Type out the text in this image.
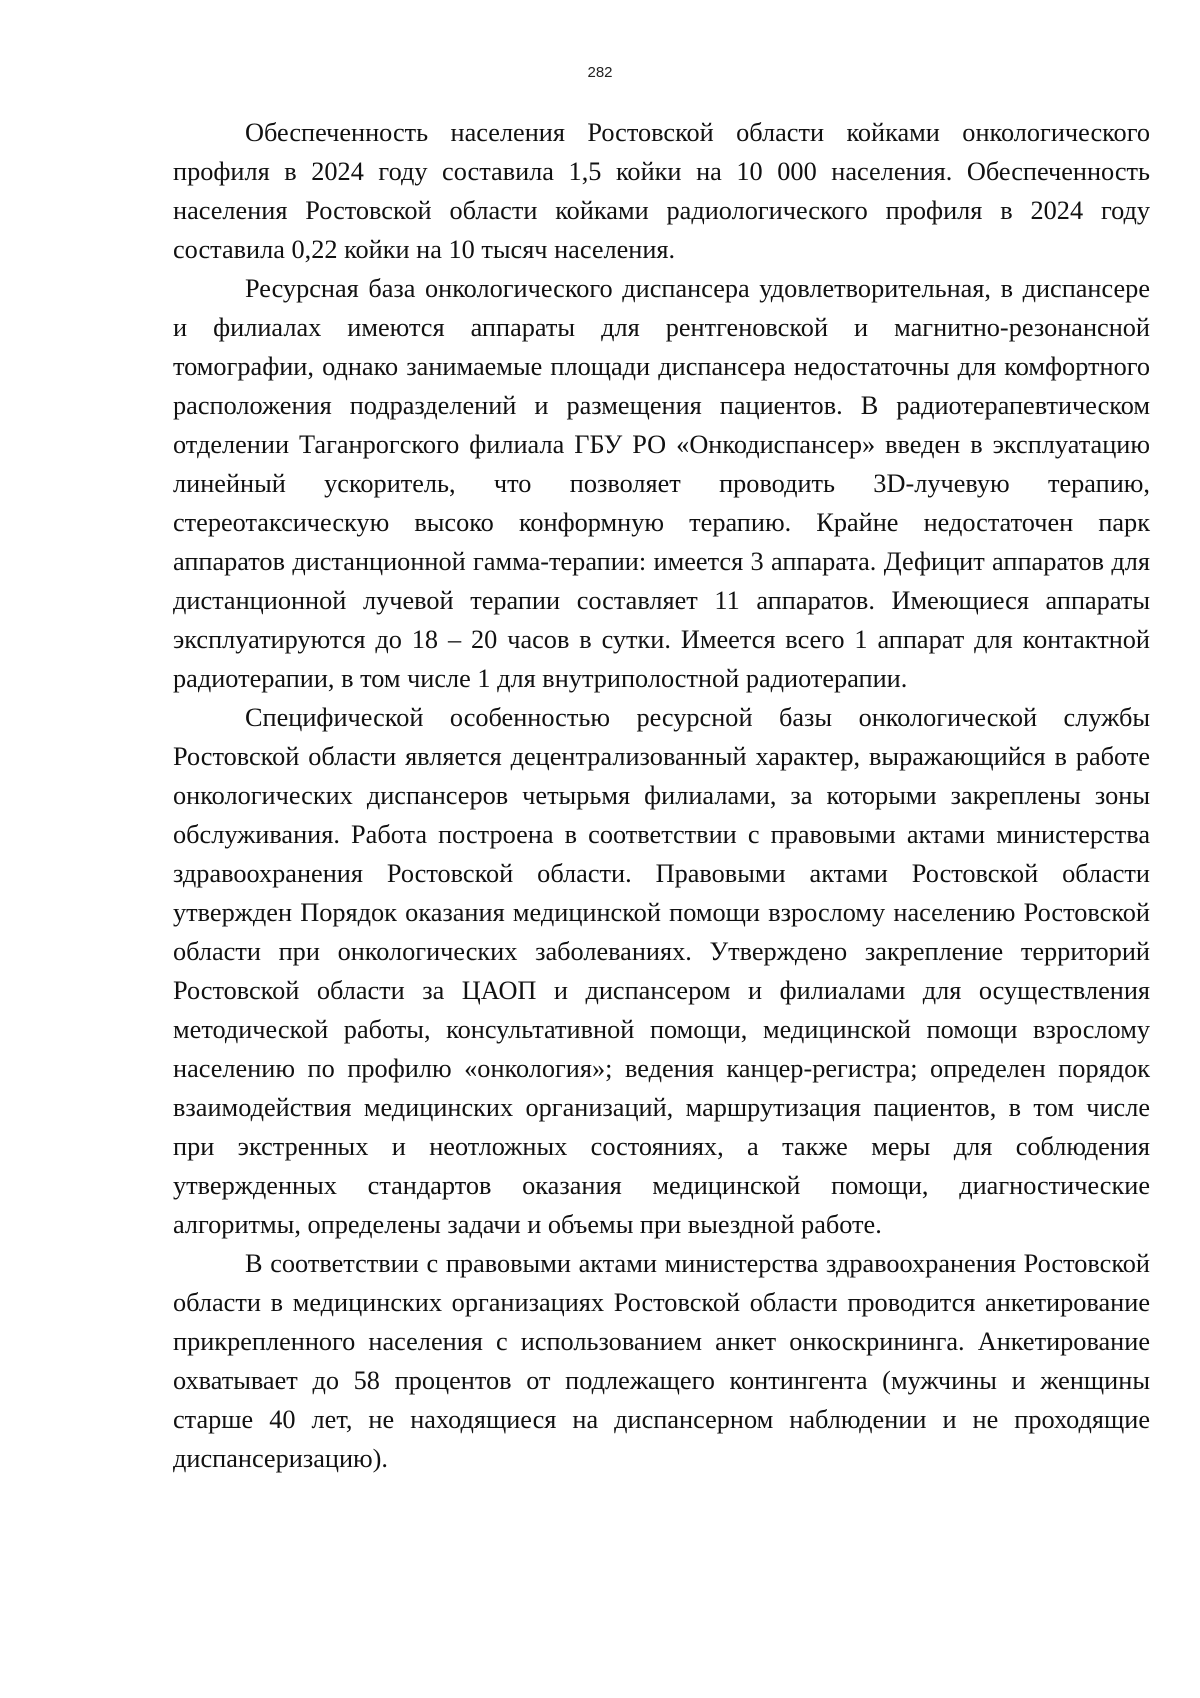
282

Обеспеченность населения Ростовской области койками онкологического профиля в 2024 году составила 1,5 койки на 10 000 населения. Обеспеченность населения Ростовской области койками радиологического профиля в 2024 году составила 0,22 койки на 10 тысяч населения.

Ресурсная база онкологического диспансера удовлетворительная, в диспансере и филиалах имеются аппараты для рентгеновской и магнитно-резонансной томографии, однако занимаемые площади диспансера недостаточны для комфортного расположения подразделений и размещения пациентов. В радиотерапевтическом отделении Таганрогского филиала ГБУ РО «Онкодиспансер» введен в эксплуатацию линейный ускоритель, что позволяет проводить 3D-лучевую терапию, стереотаксическую высоко конформную терапию. Крайне недостаточен парк аппаратов дистанционной гамма-терапии: имеется 3 аппарата. Дефицит аппаратов для дистанционной лучевой терапии составляет 11 аппаратов. Имеющиеся аппараты эксплуатируются до 18 – 20 часов в сутки. Имеется всего 1 аппарат для контактной радиотерапии, в том числе 1 для внутриполостной радиотерапии.

Специфической особенностью ресурсной базы онкологической службы Ростовской области является децентрализованный характер, выражающийся в работе онкологических диспансеров четырьмя филиалами, за которыми закреплены зоны обслуживания. Работа построена в соответствии с правовыми актами министерства здравоохранения Ростовской области. Правовыми актами Ростовской области утвержден Порядок оказания медицинской помощи взрослому населению Ростовской области при онкологических заболеваниях. Утверждено закрепление территорий Ростовской области за ЦАОП и диспансером и филиалами для осуществления методической работы, консультативной помощи, медицинской помощи взрослому населению по профилю «онкология»; ведения канцер-регистра; определен порядок взаимодействия медицинских организаций, маршрутизация пациентов, в том числе при экстренных и неотложных состояниях, а также меры для соблюдения утвержденных стандартов оказания медицинской помощи, диагностические алгоритмы, определены задачи и объемы при выездной работе.

В соответствии с правовыми актами министерства здравоохранения Ростовской области в медицинских организациях Ростовской области проводится анкетирование прикрепленного населения с использованием анкет онкоскрининга. Анкетирование охватывает до 58 процентов от подлежащего контингента (мужчины и женщины старше 40 лет, не находящиеся на диспансерном наблюдении и не проходящие диспансеризацию).
